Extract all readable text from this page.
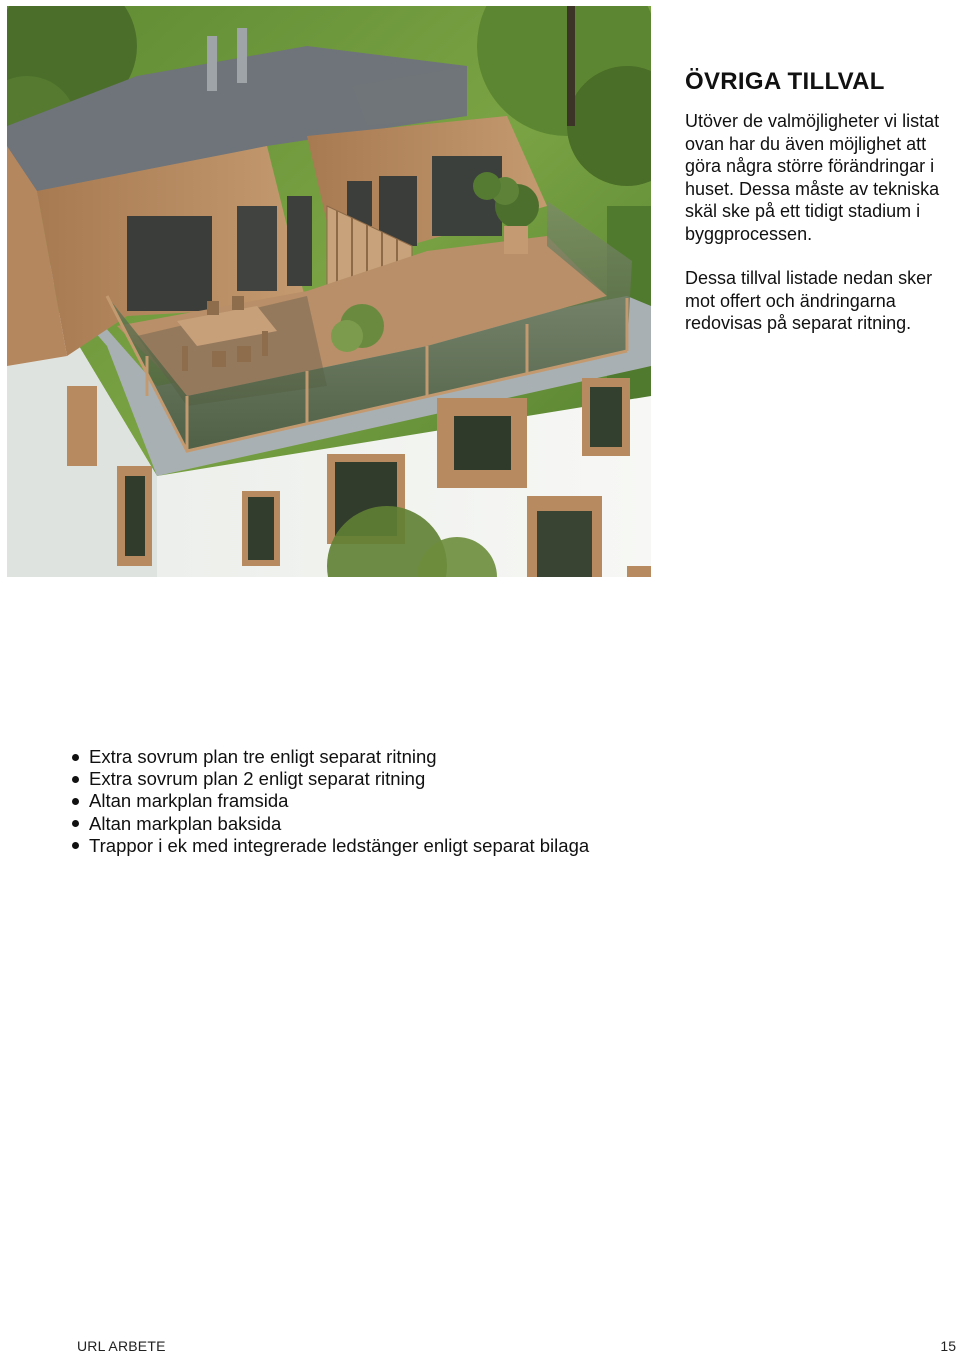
ÖVRIGA TILLVAL

Utöver de valmöjligheter vi listat ovan har du även möjlighet att göra några större förändringar i huset. Dessa måste av tekniska skäl ske på ett tidigt stadium i byggprocessen.

Dessa tillval listade nedan sker mot offert och ändringarna redovisas på separat ritning.

Extra sovrum plan tre enligt separat ritning
Extra sovrum plan 2 enligt separat ritning
Altan markplan framsida
Altan markplan baksida
Trappor i ek med integrerade ledstänger enligt separat bilaga
URL ARBETE	15
